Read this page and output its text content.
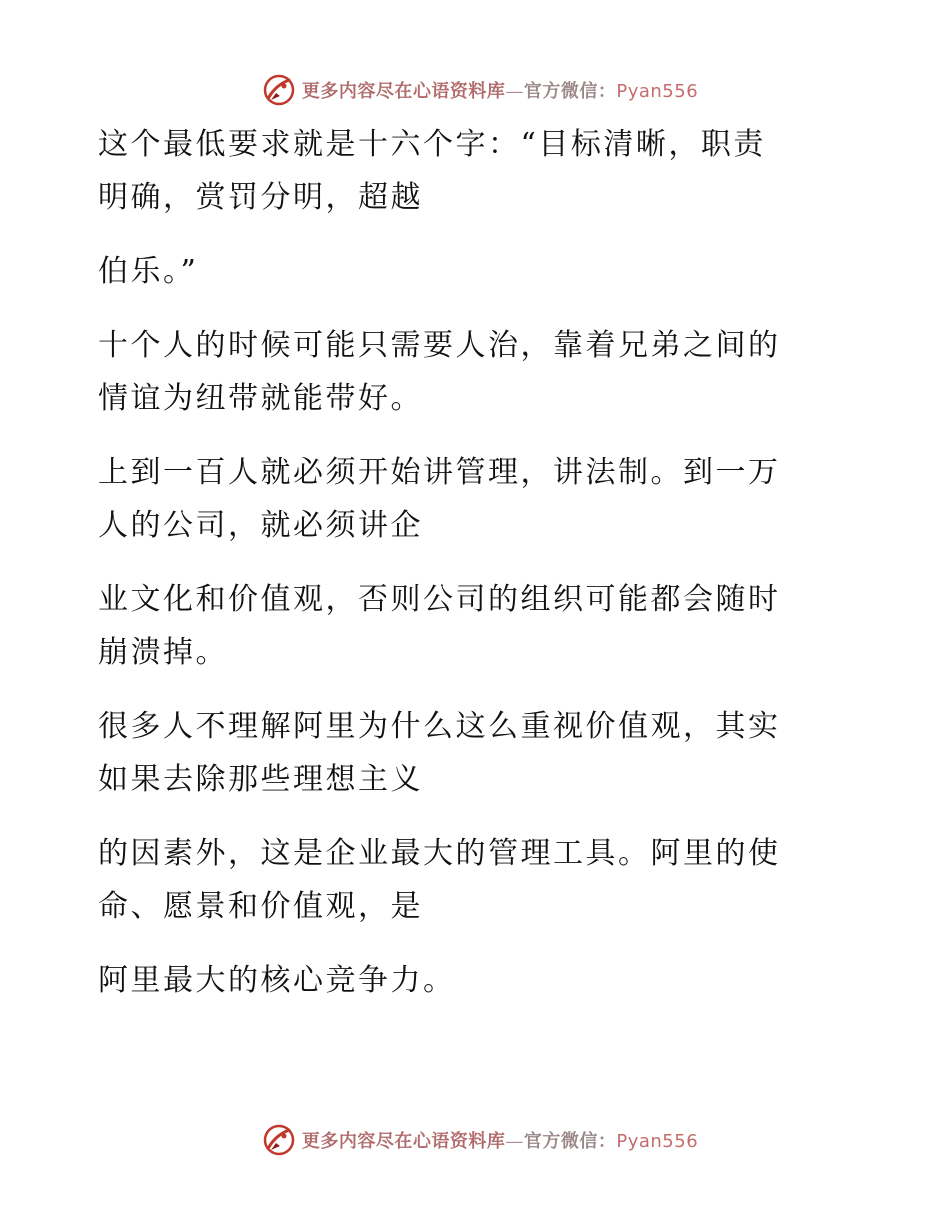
更多内容尽在心语资料库—官方微信：Pyan556

这个最低要求就是十六个字：“目标清晰，职责
明确，赏罚分明，超越

伯乐。”

十个人的时候可能只需要人治，靠着兄弟之间的
情谊为纽带就能带好。

上到一百人就必须开始讲管理，讲法制。到一万
人的公司，就必须讲企

业文化和价值观，否则公司的组织可能都会随时
崩溃掉。

很多人不理解阿里为什么这么重视价值观，其实
如果去除那些理想主义

的因素外，这是企业最大的管理工具。阿里的使
命、愿景和价值观，是

阿里最大的核心竞争力。

更多内容尽在心语资料库—官方微信：Pyan556
